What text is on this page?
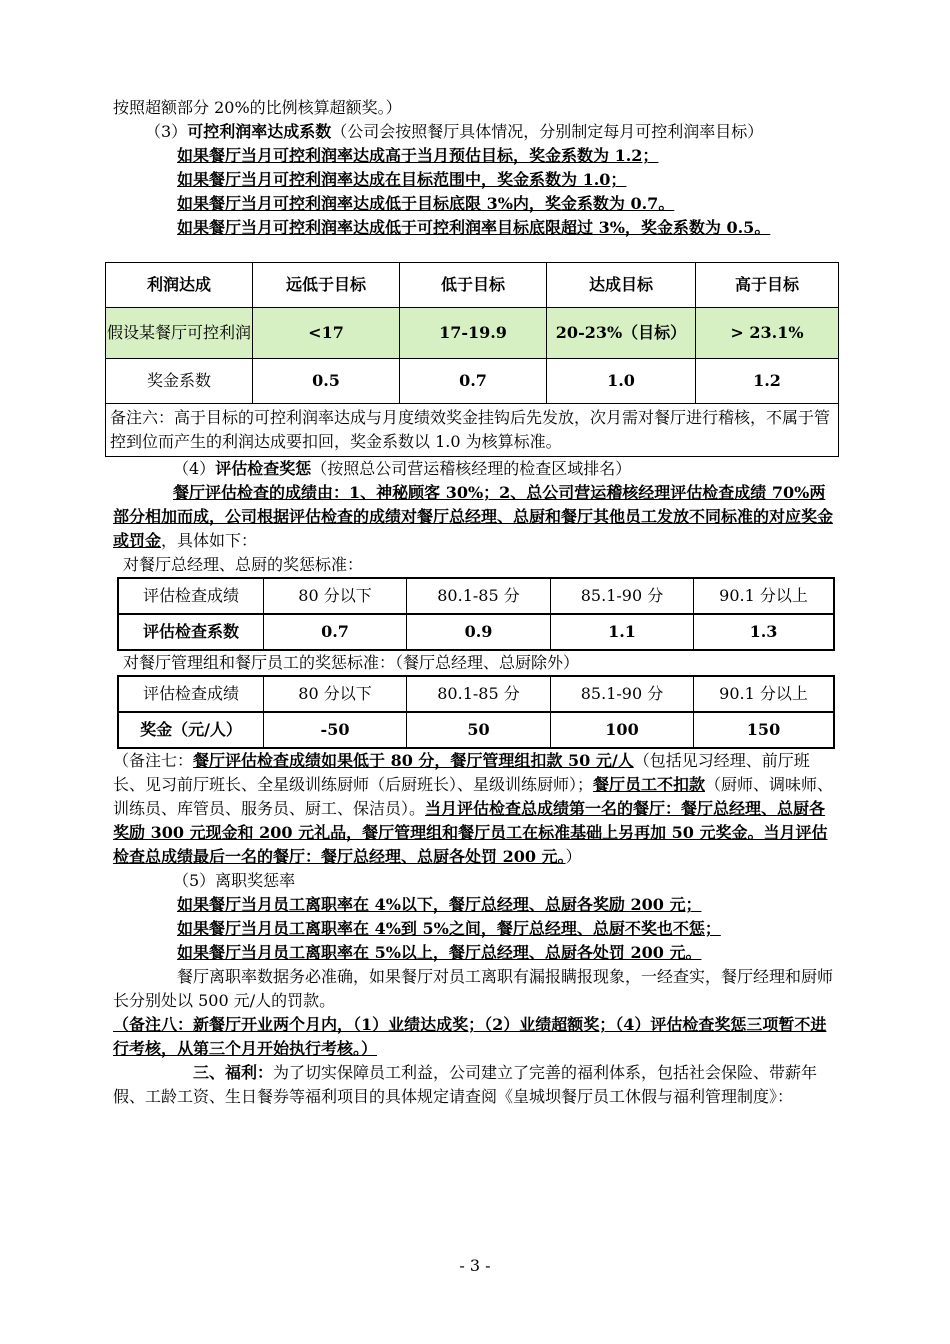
按照超额部分 20%的比例核算超额奖。）

（3）可控利润率达成系数（公司会按照餐厅具体情况，分别制定每月可控利润率目标）

如果餐厅当月可控利润率达成高于当月预估目标，奖金系数为 1.2；

如果餐厅当月可控利润率达成在目标范围中，奖金系数为 1.0；

如果餐厅当月可控利润率达成低于目标底限 3%内，奖金系数为 0.7。

如果餐厅当月可控利润率达成低于可控利润率目标底限超过 3%，奖金系数为 0.5。

利润达成	远低于目标	低于目标	达成目标	高于目标
假设某餐厅可控利润	<17	17-19.9	20-23%（目标）	> 23.1%
奖金系数	0.5	0.7	1.0	1.2
备注六：高于目标的可控利润率达成与月度绩效奖金挂钩后先发放，次月需对餐厅进行稽核，不属于管控到位而产生的利润达成要扣回，奖金系数以 1.0 为核算标准。				

（4）评估检查奖惩（按照总公司营运稽核经理的检查区域排名）

餐厅评估检查的成绩由：1、神秘顾客 30%；2、总公司营运稽核经理评估检查成绩 70%两部分相加而成，公司根据评估检查的成绩对餐厅总经理、总厨和餐厅其他员工发放不同标准的对应奖金或罚金，具体如下：

对餐厅总经理、总厨的奖惩标准：

评估检查成绩	80 分以下	80.1-85 分	85.1-90 分	90.1 分以上
评估检查系数	0.7	0.9	1.1	1.3

对餐厅管理组和餐厅员工的奖惩标准：（餐厅总经理、总厨除外）

评估检查成绩	80 分以下	80.1-85 分	85.1-90 分	90.1 分以上
奖金（元/人）	-50	50	100	150

（备注七：餐厅评估检查成绩如果低于 80 分，餐厅管理组扣款 50 元/人（包括见习经理、前厅班长、见习前厅班长、全星级训练厨师（后厨班长）、星级训练厨师）；餐厅员工不扣款（厨师、调味师、训练员、库管员、服务员、厨工、保洁员）。当月评估检查总成绩第一名的餐厅：餐厅总经理、总厨各奖励 300 元现金和 200 元礼品，餐厅管理组和餐厅员工在标准基础上另再加 50 元奖金。当月评估检查总成绩最后一名的餐厅：餐厅总经理、总厨各处罚 200 元。）

（5）离职奖惩率

如果餐厅当月员工离职率在 4%以下，餐厅总经理、总厨各奖励 200 元；

如果餐厅当月员工离职率在 4%到 5%之间，餐厅总经理、总厨不奖也不惩；

如果餐厅当月员工离职率在 5%以上，餐厅总经理、总厨各处罚 200 元。

餐厅离职率数据务必准确，如果餐厅对员工离职有漏报瞒报现象，一经查实，餐厅经理和厨师长分别处以 500 元/人的罚款。

（备注八：新餐厅开业两个月内，（1）业绩达成奖；（2）业绩超额奖；（4）评估检查奖惩三项暂不进行考核，从第三个月开始执行考核。）

三、福利：为了切实保障员工利益，公司建立了完善的福利体系，包括社会保险、带薪年假、工龄工资、生日餐券等福利项目的具体规定请查阅《皇城坝餐厅员工休假与福利管理制度》：

- 3 -
